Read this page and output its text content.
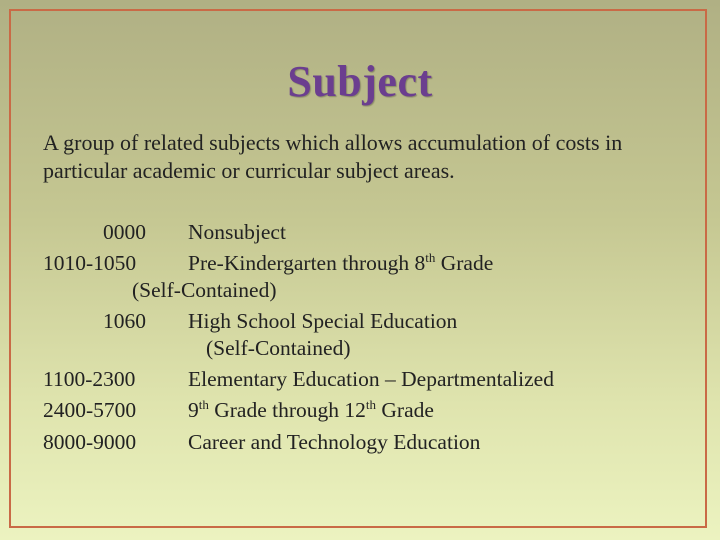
Subject
A group of related subjects which allows accumulation of costs in particular academic or curricular subject areas.
0000 Nonsubject
1010-1050 Pre-Kindergarten through 8th Grade
(Self-Contained)
1060 High School Special Education
(Self-Contained)
1100-2300 Elementary Education – Departmentalized
2400-5700 9th Grade through 12th Grade
8000-9000 Career and Technology Education
